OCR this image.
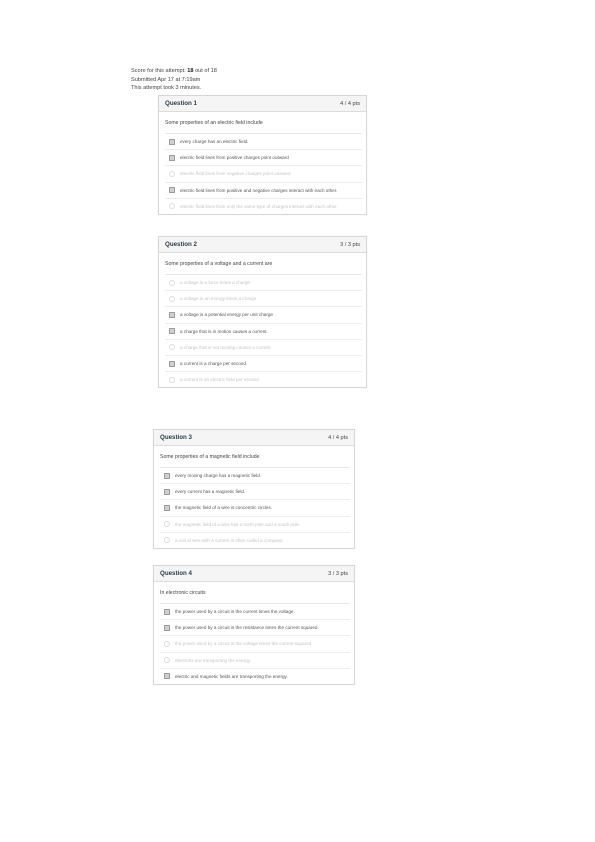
Score for this attempt: 18 out of 18
Submitted Apr 17 at 7:19am
This attempt took 3 minutes.
Question 1	4 / 4 pts
Some properties of an electric field include
every charge has an electric field.
electric field lines from positive charges point outward
electric field lines from negative charges point outward
electric field lines from positive and negative charges interact with each other.
electric field lines from only the same type of charges interact with each other.
Question 2	3 / 3 pts
Some properties of a voltage and a current are
a voltage is a force times a charge
a voltage is an energy times a charge
a voltage is a potential energy per unit charge
a charge that is in motion causes a current.
a charge that is not moving causes a current.
a current is a charge per second.
a current is an electric field per second.
Question 3	4 / 4 pts
Some properties of a magnetic field include
every moving charge has a magnetic field.
every current has a magnetic field.
the magnetic field of a wire is concentric circles.
the magnetic field of a wire has a north pole and a south pole.
a coil of wire with a current is often called a compass.
Question 4	3 / 3 pts
In electronic circuits
the power used by a circuit is the current times the voltage.
the power used by a circuit is the resistance times the current squared.
the power used by a circuit is the voltage times the current squared.
electrons are transporting the energy.
electric and magnetic fields are transporting the energy.
